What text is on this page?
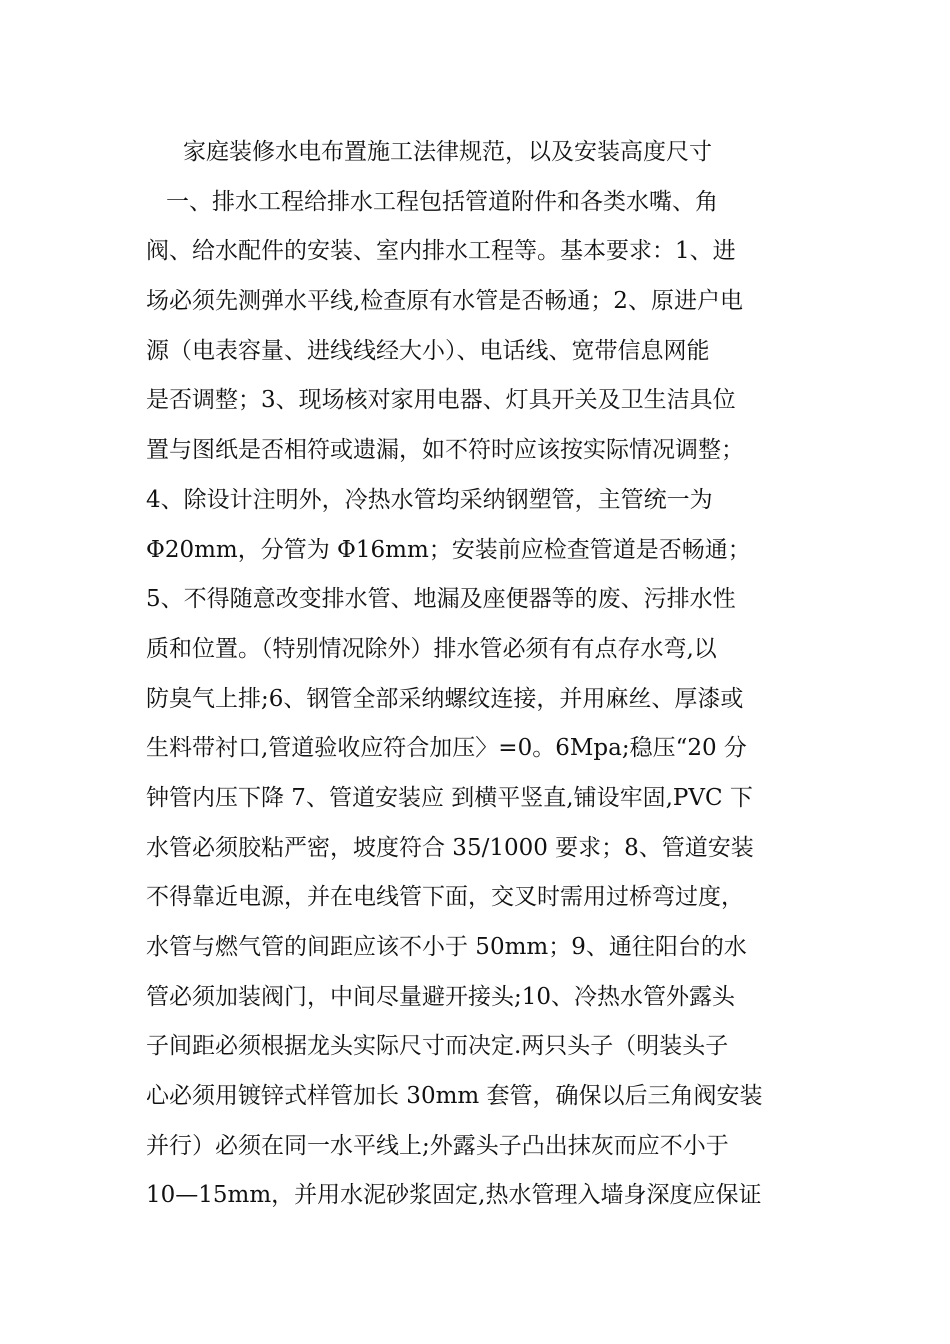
家庭装修水电布置施工法律规范，以及安装高度尺寸
一、排水工程给排水工程包括管道附件和各类水嘴、角
阀、给水配件的安装、室内排水工程等。基本要求：1、进
场必须先测弹水平线,检查原有水管是否畅通；2、原进户电
源（电表容量、进线线经大小）、电话线、宽带信息网能
是否调整；3、现场核对家用电器、灯具开关及卫生洁具位
置与图纸是否相符或遗漏，如不符时应该按实际情况调整；
4、除设计注明外，冷热水管均采纳钢塑管，主管统一为
Φ20mm，分管为 Φ16mm；安装前应检查管道是否畅通；
5、不得随意改变排水管、地漏及座便器等的废、污排水性
质和位置。（特别情况除外）排水管必须有有点存水弯,以
防臭气上排;6、钢管全部采纳螺纹连接，并用麻丝、厚漆或
生料带衬口,管道验收应符合加压〉=0。6Mpa;稳压“20 分
钟管内压下降 7、管道安装应 到横平竖直,铺设牢固,PVC 下
水管必须胶粘严密，坡度符合 35/1000 要求；8、管道安装
不得靠近电源，并在电线管下面，交叉时需用过桥弯过度，
水管与燃气管的间距应该不小于 50mm；9、通往阳台的水
管必须加装阀门，中间尽量避开接头;10、冷热水管外露头
子间距必须根据龙头实际尺寸而决定.两只头子（明装头子
心必须用镀锌式样管加长 30mm 套管，确保以后三角阀安装
并行）必须在同一水平线上;外露头子凸出抹灰而应不小于
10—15mm，并用水泥砂浆固定,热水管理入墙身深度应保证
